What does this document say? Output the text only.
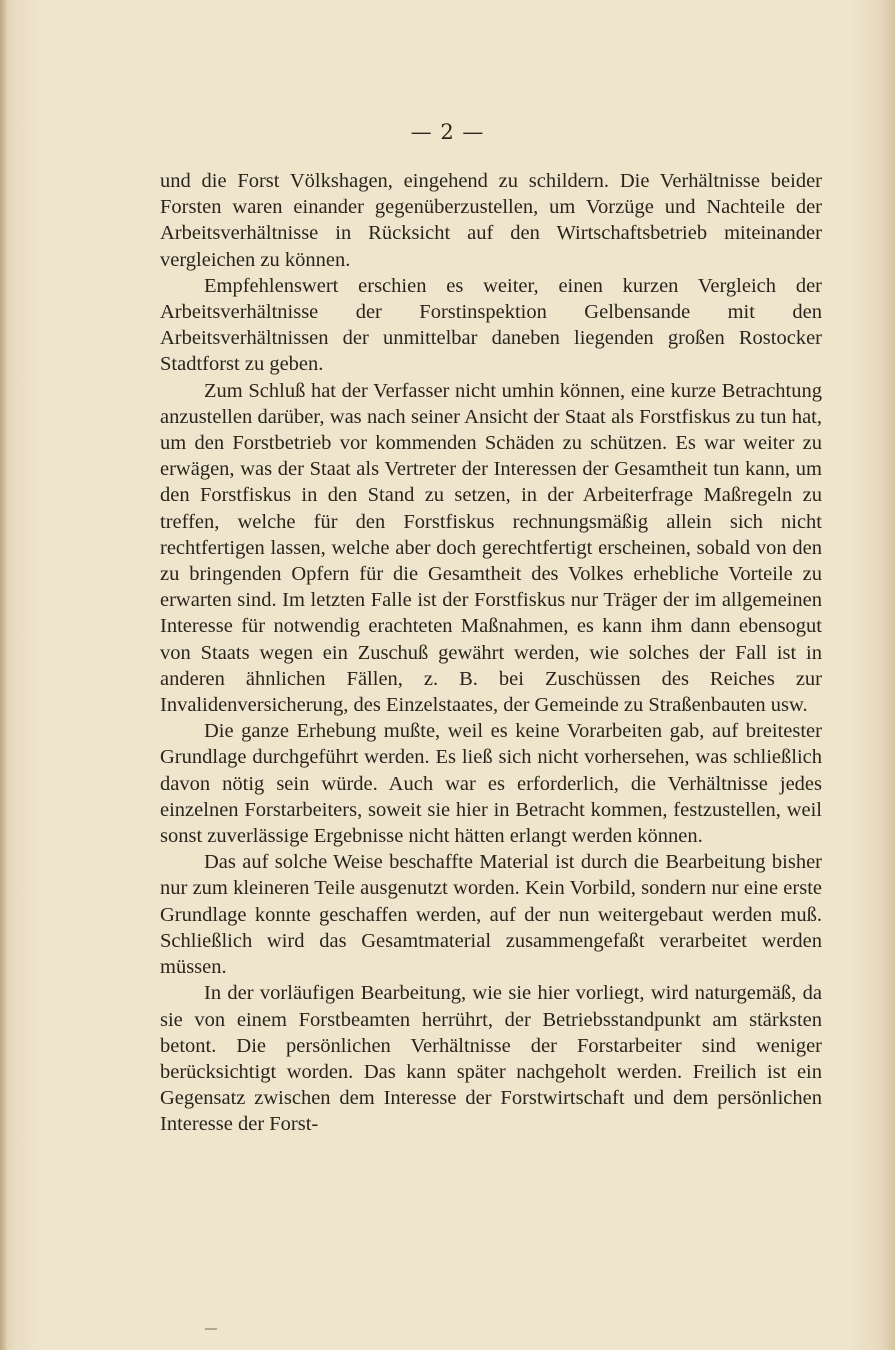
— 2 —

und die Forst Völkshagen, eingehend zu schildern. Die Verhältnisse beider Forsten waren einander gegenüberzustellen, um Vorzüge und Nachteile der Arbeitsverhältnisse in Rücksicht auf den Wirtschaftsbetrieb miteinander vergleichen zu können.

Empfehlenswert erschien es weiter, einen kurzen Vergleich der Arbeitsverhältnisse der Forstinspektion Gelbensande mit den Arbeitsverhältnissen der unmittelbar daneben liegenden großen Rostocker Stadtforst zu geben.

Zum Schluß hat der Verfasser nicht umhin können, eine kurze Betrachtung anzustellen darüber, was nach seiner Ansicht der Staat als Forstfiskus zu tun hat, um den Forstbetrieb vor kommenden Schäden zu schützen. Es war weiter zu erwägen, was der Staat als Vertreter der Interessen der Gesamtheit tun kann, um den Forstfiskus in den Stand zu setzen, in der Arbeiterfrage Maßregeln zu treffen, welche für den Forstfiskus rechnungsmäßig allein sich nicht rechtfertigen lassen, welche aber doch gerechtfertigt erscheinen, sobald von den zu bringenden Opfern für die Gesamtheit des Volkes erhebliche Vorteile zu erwarten sind. Im letzten Falle ist der Forstfiskus nur Träger der im allgemeinen Interesse für notwendig erachteten Maßnahmen, es kann ihm dann ebensogut von Staats wegen ein Zuschuß gewährt werden, wie solches der Fall ist in anderen ähnlichen Fällen, z. B. bei Zuschüssen des Reiches zur Invalidenversicherung, des Einzelstaates, der Gemeinde zu Straßenbauten usw.

Die ganze Erhebung mußte, weil es keine Vorarbeiten gab, auf breitester Grundlage durchgeführt werden. Es ließ sich nicht vorhersehen, was schließlich davon nötig sein würde. Auch war es erforderlich, die Verhältnisse jedes einzelnen Forstarbeiters, soweit sie hier in Betracht kommen, festzustellen, weil sonst zuverlässige Ergebnisse nicht hätten erlangt werden können.

Das auf solche Weise beschaffte Material ist durch die Bearbeitung bisher nur zum kleineren Teile ausgenutzt worden. Kein Vorbild, sondern nur eine erste Grundlage konnte geschaffen werden, auf der nun weitergebaut werden muß. Schließlich wird das Gesamtmaterial zusammengefaßt verarbeitet werden müssen.

In der vorläufigen Bearbeitung, wie sie hier vorliegt, wird naturgemäß, da sie von einem Forstbeamten herrührt, der Betriebsstandpunkt am stärksten betont. Die persönlichen Verhältnisse der Forstarbeiter sind weniger berücksichtigt worden. Das kann später nachgeholt werden. Freilich ist ein Gegensatz zwischen dem Interesse der Forstwirtschaft und dem persönlichen Interesse der Forst-
